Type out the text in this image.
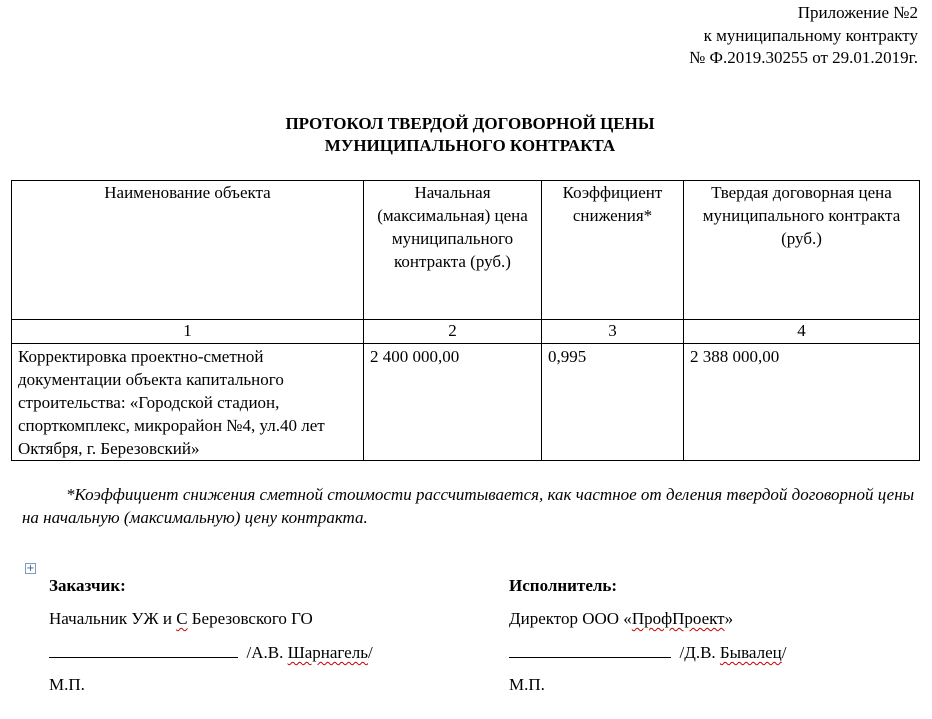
Приложение №2
к муниципальному контракту
№ Ф.2019.30255 от 29.01.2019г.
ПРОТОКОЛ ТВЕРДОЙ ДОГОВОРНОЙ ЦЕНЫ
МУНИЦИПАЛЬНОГО КОНТРАКТА
Наименование объекта	Начальная (максимальная) цена муниципального контракта (руб.)	Коэффициент снижения*	Твердая договорная цена муниципального контракта (руб.)
1	2	3	4
Корректировка проектно-сметной документации объекта капитального строительства: «Городской стадион, спорткомплекс, микрорайон №4, ул.40 лет Октября, г. Березовский»	2 400 000,00	0,995	2 388 000,00
*Коэффициент снижения сметной стоимости рассчитывается, как частное от деления твердой договорной цены на начальную (максимальную) цену контракта.
+
Заказчик:
Начальник УЖ и С Березовского ГО
/А.В. Шарнагель/
М.П.
Исполнитель:
Директор ООО «ПрофПроект»
/Д.В. Бывалец/
М.П.
